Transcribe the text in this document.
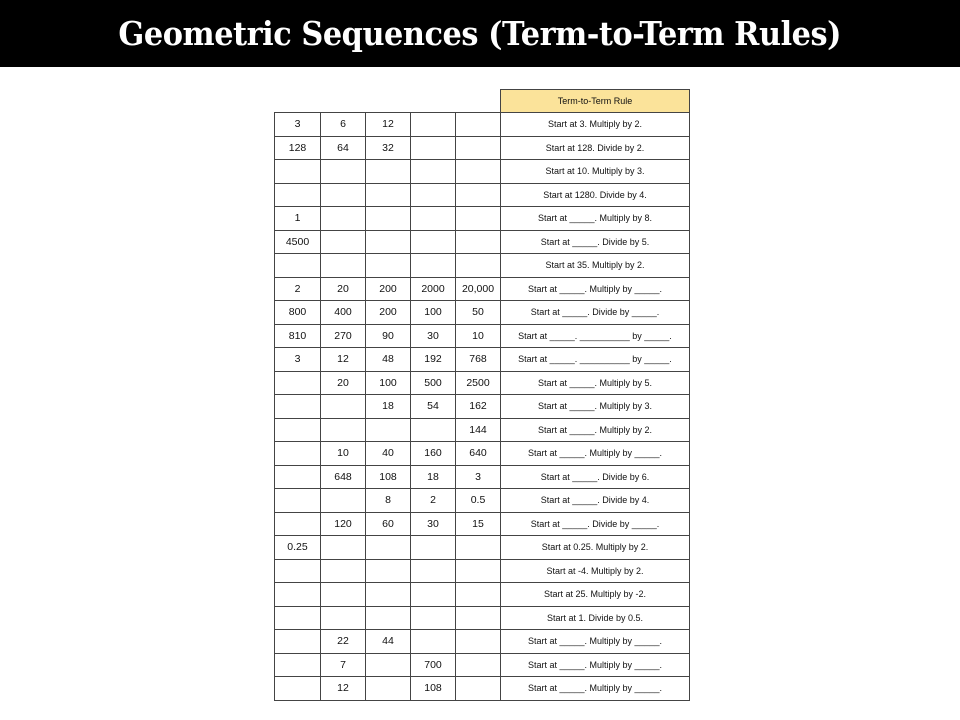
Geometric Sequences (Term-to-Term Rules)
					Term-to-Term Rule
3	6	12			Start at 3. Multiply by 2.
128	64	32			Start at 128. Divide by 2.
					Start at 10. Multiply by 3.
					Start at 1280. Divide by 4.
1					Start at _____. Multiply by 8.
4500					Start at _____. Divide by 5.
					Start at 35. Multiply by 2.
2	20	200	2000	20,000	Start at _____. Multiply by _____.
800	400	200	100	50	Start at _____. Divide by _____.
810	270	90	30	10	Start at _____. __________ by _____.
3	12	48	192	768	Start at _____. __________ by _____.
	20	100	500	2500	Start at _____. Multiply by 5.
		18	54	162	Start at _____. Multiply by 3.
				144	Start at _____. Multiply by 2.
	10	40	160	640	Start at _____. Multiply by _____.
	648	108	18	3	Start at _____. Divide by 6.
		8	2	0.5	Start at _____. Divide by 4.
	120	60	30	15	Start at _____. Divide by _____.
0.25					Start at 0.25. Multiply by 2.
					Start at -4. Multiply by 2.
					Start at 25. Multiply by -2.
					Start at 1. Divide by 0.5.
	22	44			Start at _____. Multiply by _____.
	7		700		Start at _____. Multiply by _____.
	12		108		Start at _____. Multiply by _____.
